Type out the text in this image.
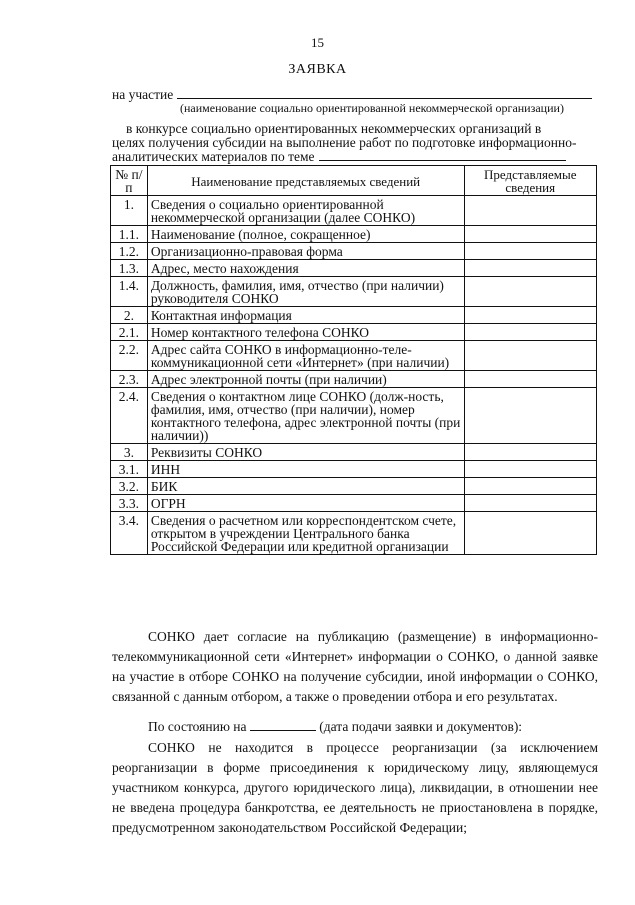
15
ЗАЯВКА
на участие
(наименование социально ориентированной некоммерческой организации)
в конкурсе социально ориентированных некоммерческих организаций в
целях получения субсидии на выполнение работ по подготовке информационно-
аналитических материалов по теме
№ п/п	Наименование представляемых сведений	Представляемые сведения
1.	Сведения о социально ориентированной некоммерческой организации (далее СОНКО)	
1.1.	Наименование (полное, сокращенное)	
1.2.	Организационно-правовая форма	
1.3.	Адрес, место нахождения	
1.4.	Должность, фамилия, имя, отчество (при наличии) руководителя СОНКО	
2.	Контактная информация	
2.1.	Номер контактного телефона СОНКО	
2.2.	Адрес сайта СОНКО в информационно-теле-коммуникационной сети «Интернет» (при наличии)	
2.3.	Адрес электронной почты (при наличии)	
2.4.	Сведения о контактном лице СОНКО (долж-ность, фамилия, имя, отчество (при наличии), номер контактного телефона, адрес электронной почты (при наличии))	
3.	Реквизиты СОНКО	
3.1.	ИНН	
3.2.	БИК	
3.3.	ОГРН	
3.4.	Сведения о расчетном или корреспондентском счете, открытом в учреждении Центрального банка Российской Федерации или кредитной организации	
СОНКО дает согласие на публикацию (размещение) в информационно-телекоммуникационной сети «Интернет» информации о СОНКО, о данной заявке на участие в отборе СОНКО на получение субсидии, иной информации о СОНКО, связанной с данным отбором, а также о проведении отбора и его результатах.
По состоянию на	(дата подачи заявки и документов):
СОНКО не находится в процессе реорганизации (за исключением реорганизации в форме присоединения к юридическому лицу, являющемуся участником конкурса, другого юридического лица), ликвидации, в отношении нее не введена процедура банкротства, ее деятельность не приостановлена в порядке, предусмотренном законодательством Российской Федерации;
